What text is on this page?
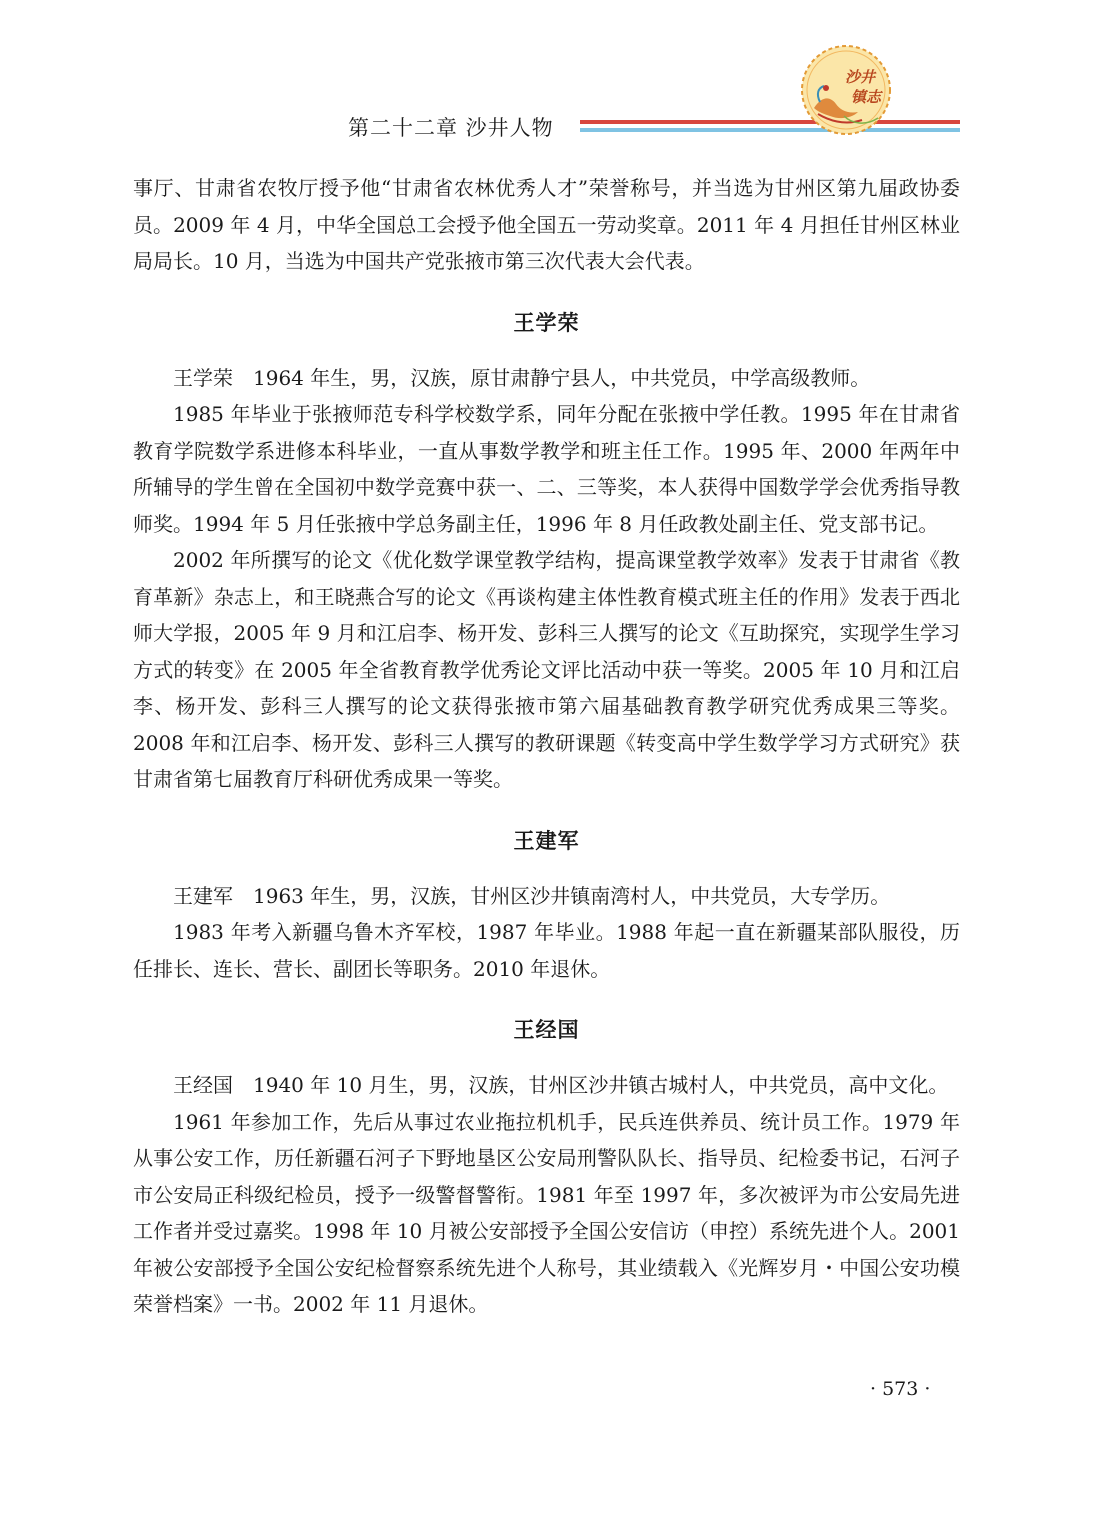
第二十二章 沙井人物
沙井
镇志

事厅、甘肃省农牧厅授予他“甘肃省农林优秀人才”荣誉称号，并当选为甘州区第九届政协委员。2009 年 4 月，中华全国总工会授予他全国五一劳动奖章。2011 年 4 月担任甘州区林业局局长。10 月，当选为中国共产党张掖市第三次代表大会代表。

王学荣

王学荣　1964 年生，男，汉族，原甘肃静宁县人，中共党员，中学高级教师。

1985 年毕业于张掖师范专科学校数学系，同年分配在张掖中学任教。1995 年在甘肃省教育学院数学系进修本科毕业，一直从事数学教学和班主任工作。1995 年、2000 年两年中所辅导的学生曾在全国初中数学竞赛中获一、二、三等奖，本人获得中国数学学会优秀指导教师奖。1994 年 5 月任张掖中学总务副主任，1996 年 8 月任政教处副主任、党支部书记。

2002 年所撰写的论文《优化数学课堂教学结构，提高课堂教学效率》发表于甘肃省《教育革新》杂志上，和王晓燕合写的论文《再谈构建主体性教育模式班主任的作用》发表于西北师大学报，2005 年 9 月和江启李、杨开发、彭科三人撰写的论文《互助探究，实现学生学习方式的转变》在 2005 年全省教育教学优秀论文评比活动中获一等奖。2005 年 10 月和江启李、杨开发、彭科三人撰写的论文获得张掖市第六届基础教育教学研究优秀成果三等奖。2008 年和江启李、杨开发、彭科三人撰写的教研课题《转变高中学生数学学习方式研究》获甘肃省第七届教育厅科研优秀成果一等奖。

王建军

王建军　1963 年生，男，汉族，甘州区沙井镇南湾村人，中共党员，大专学历。

1983 年考入新疆乌鲁木齐军校，1987 年毕业。1988 年起一直在新疆某部队服役，历任排长、连长、营长、副团长等职务。2010 年退休。

王经国

王经国　1940 年 10 月生，男，汉族，甘州区沙井镇古城村人，中共党员，高中文化。

1961 年参加工作，先后从事过农业拖拉机机手，民兵连供养员、统计员工作。1979 年从事公安工作，历任新疆石河子下野地垦区公安局刑警队队长、指导员、纪检委书记，石河子市公安局正科级纪检员，授予一级警督警衔。1981 年至 1997 年，多次被评为市公安局先进工作者并受过嘉奖。1998 年 10 月被公安部授予全国公安信访（申控）系统先进个人。2001 年被公安部授予全国公安纪检督察系统先进个人称号，其业绩载入《光辉岁月・中国公安功模荣誉档案》一书。2002 年 11 月退休。

· 573 ·
